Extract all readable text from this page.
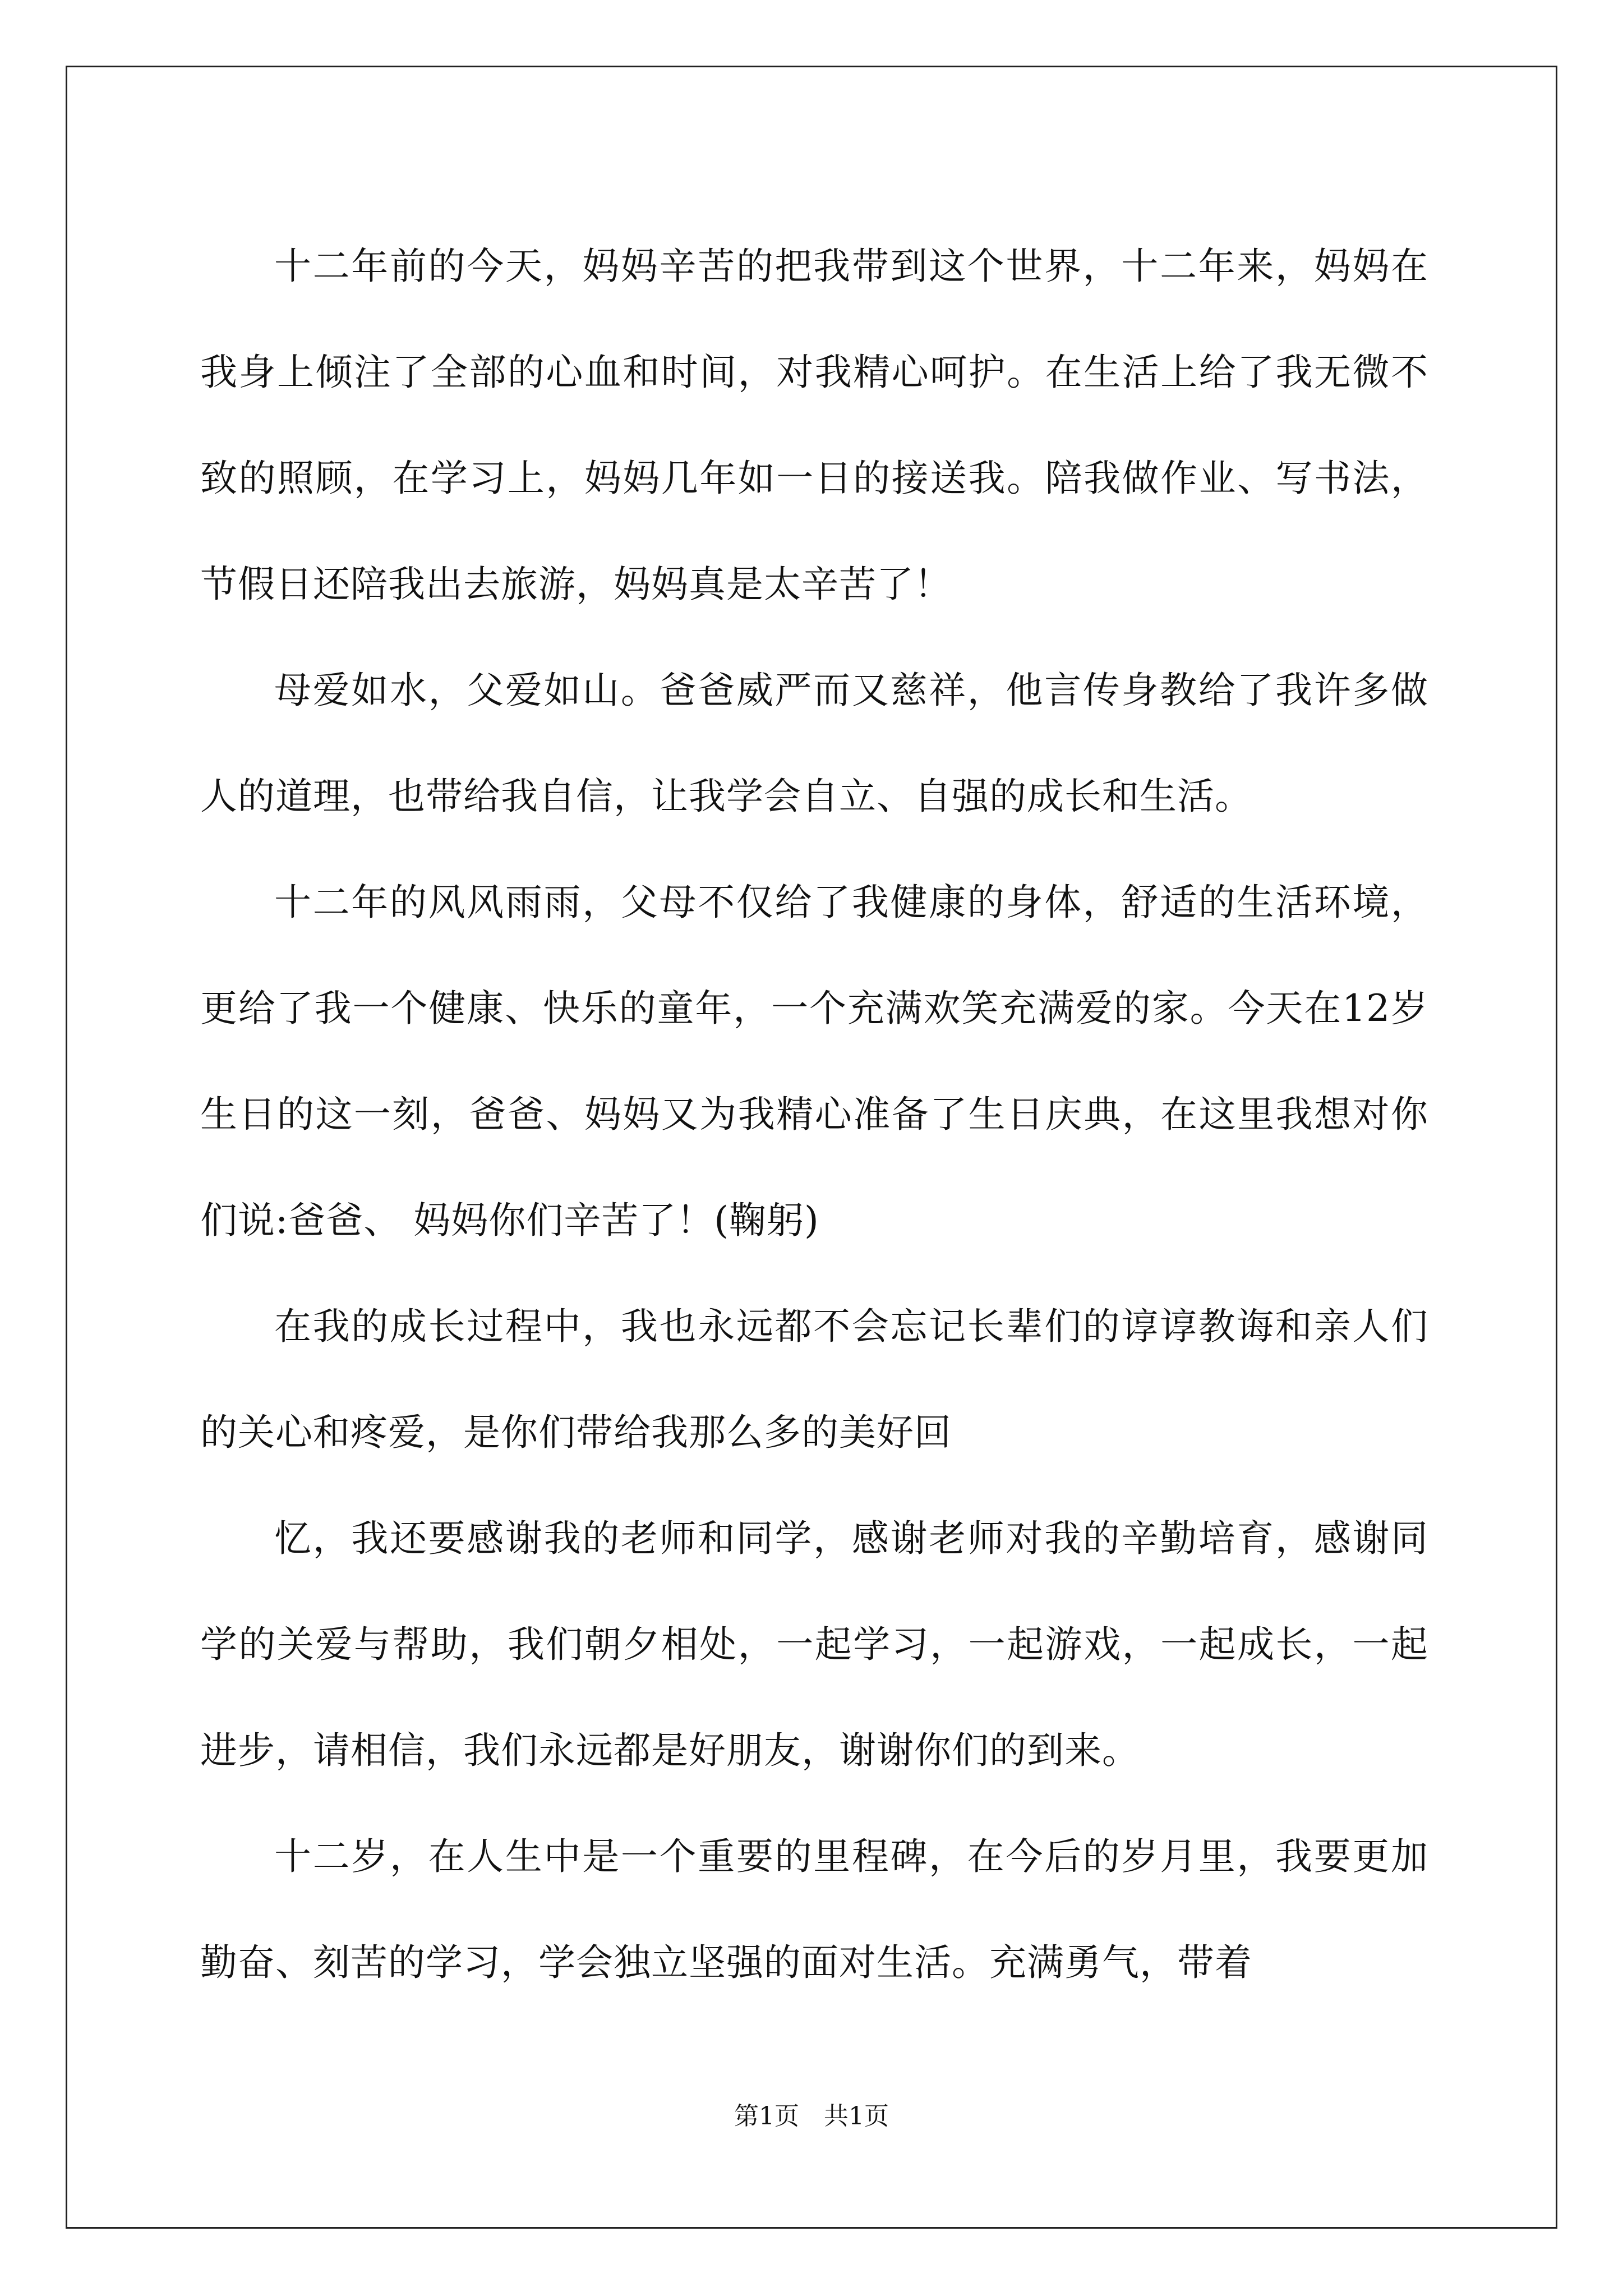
十二年前的今天，妈妈辛苦的把我带到这个世界，十二年来，妈妈在我身上倾注了全部的心血和时间，对我精心呵护。在生活上给了我无微不致的照顾，在学习上，妈妈几年如一日的接送我。陪我做作业、写书法，节假日还陪我出去旅游，妈妈真是太辛苦了！

母爱如水，父爱如山。爸爸威严而又慈祥，他言传身教给了我许多做人的道理，也带给我自信，让我学会自立、自强的成长和生活。

十二年的风风雨雨，父母不仅给了我健康的身体，舒适的生活环境，更给了我一个健康、快乐的童年，一个充满欢笑充满爱的家。今天在12岁生日的这一刻，爸爸、妈妈又为我精心准备了生日庆典，在这里我想对你们说:爸爸、 妈妈你们辛苦了！(鞠躬)

在我的成长过程中，我也永远都不会忘记长辈们的谆谆教诲和亲人们的关心和疼爱，是你们带给我那么多的美好回

忆，我还要感谢我的老师和同学，感谢老师对我的辛勤培育，感谢同学的关爱与帮助，我们朝夕相处，一起学习，一起游戏，一起成长，一起进步，请相信，我们永远都是好朋友，谢谢你们的到来。

十二岁，在人生中是一个重要的里程碑，在今后的岁月里，我要更加勤奋、刻苦的学习，学会独立坚强的面对生活。充满勇气，带着

第1页　共1页
